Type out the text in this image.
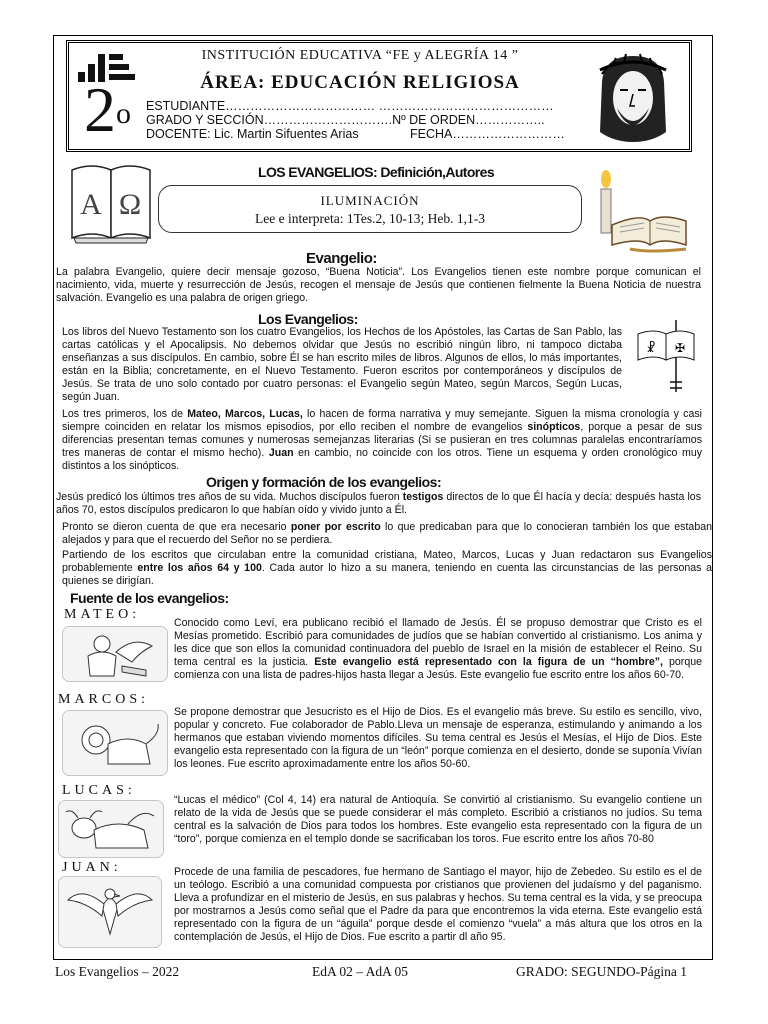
INSTITUCIÓN EDUCATIVA “FE y ALEGRÍA 14 ”
ÁREA: EDUCACIÓN RELIGIOSA
2$^o$ ESTUDIANTE……………………………… ……………………………………
GRADO Y SECCIÓN………………………….Nº DE ORDEN……………..
DOCENTE: Lic. Martin Sifuentes Arias	FECHA………………………
A Ω
LOS EVANGELIOS: Definición,Autores
ILUMINACIÓN
Lee e interpreta: 1Tes.2, 10-13; Heb. 1,1-3
Evangelio:
La palabra Evangelio, quiere decir mensaje gozoso, “Buena Noticia”. Los Evangelios tienen este nombre porque comunican el nacimiento, vida, muerte y resurrección de Jesús, recogen el mensaje de Jesús que contienen fielmente la Buena Noticia de nuestra salvación. Evangelio es una palabra de origen griego.
Los Evangelios:
Los libros del Nuevo Testamento son los cuatro Evangelios, los Hechos de los Apóstoles, las Cartas de San Pablo, las cartas católicas y el Apocalipsis. No debemos olvidar que Jesús no escribió ningún libro, ni tampoco dictaba enseñanzas a sus discípulos. En cambio, sobre Él se han escrito miles de libros. Algunos de ellos, lo más importantes, están en la Biblia; concretamente, en el Nuevo Testamento. Fueron escritos por contemporáneos y discípulos de Jesús. Se trata de uno solo contado por cuatro personas: el Evangelio según Mateo, según Marcos, Según Lucas, según Juan.
☧ ✠
Los tres primeros, los de Mateo, Marcos, Lucas, lo hacen de forma narrativa y muy semejante. Siguen la misma cronología y casi siempre coinciden en relatar los mismos episodios, por ello reciben el nombre de evangelios sinópticos, porque a pesar de sus diferencias presentan temas comunes y numerosas semejanzas literarias (Si se pusieran en tres columnas paralelas encontraríamos tres maneras de contar el mismo hecho). Juan en cambio, no coincide con los otros. Tiene un esquema y orden cronológico muy distintos a los sinópticos.
Origen y formación de los evangelios:
Jesús predicó los últimos tres años de su vida. Muchos discípulos fueron testigos directos de lo que Él hacía y decía: después hasta los años 70, estos discípulos predicaron lo que habían oído y vivido junto a Él.
Pronto se dieron cuenta de que era necesario poner por escrito lo que predicaban para que lo conocieran también los que estaban alejados y para que el recuerdo del Señor no se perdiera.
Partiendo de los escritos que circulaban entre la comunidad cristiana, Mateo, Marcos, Lucas y Juan redactaron sus Evangelios probablemente entre los años 64 y 100. Cada autor lo hizo a su manera, teniendo en cuenta las circunstancias de las personas a quienes se dirigían.
Fuente de los evangelios:
MATEO:
Conocido como Leví, era publicano recibió el llamado de Jesús. Él se propuso demostrar que Cristo es el Mesías prometido. Escribió para comunidades de judíos que se habían convertido al cristianismo. Los anima y les dice que son ellos la comunidad continuadora del pueblo de Israel en la misión de establecer el Reino. Su tema central es la justicia. Este evangelio está representado con la figura de un “hombre”, porque comienza con una lista de padres-hijos hasta llegar a Jesús. Este evangelio fue escrito entre los años 60-70.
MARCOS:
Se propone demostrar que Jesucristo es el Hijo de Dios. Es el evangelio más breve. Su estilo es sencillo, vivo, popular y concreto. Fue colaborador de Pablo.Lleva un mensaje de esperanza, estimulando y animando a los hermanos que estaban viviendo momentos difíciles. Su tema central es Jesús el Mesías, el Hijo de Dios. Este evangelio esta representado con la figura de un “león” porque comienza en el desierto, donde se suponía Vivían los leones. Fue escrito aproximadamente entre los años 50-60.
LUCAS:
“Lucas el médico” (Col 4, 14) era natural de Antioquía. Se convirtió al cristianismo. Su evangelio contiene un relato de la vida de Jesús que se puede considerar el más completo. Escribió a cristianos no judíos. Su tema central es la salvación de Dios para todos los hombres. Este evangelio esta representado con la figura de un “toro”, porque comienza en el templo donde se sacrificaban los toros. Fue escrito entre los años 70-80
JUAN:	Procede de una familia de pescadores, fue hermano de Santiago el mayor, hijo de Zebedeo. Su estilo es el de un teólogo. Escribió a una comunidad compuesta por cristianos que provienen del judaísmo y del paganismo. Lleva a profundizar en el misterio de Jesús, en sus palabras y hechos. Su tema central es la vida, y se preocupa por mostrarnos a Jesús como señal que el Padre da para que encontremos la vida eterna. Este evangelio está representado con la figura de un “águila” porque desde el comienzo “vuela” a más altura que los otros en la contemplación de Jesús, el Hijo de Dios. Fue escrito a partir dl año 95.
Los Evangelios – 2022	EdA 02 – AdA 05	GRADO: SEGUNDO-Página 1
